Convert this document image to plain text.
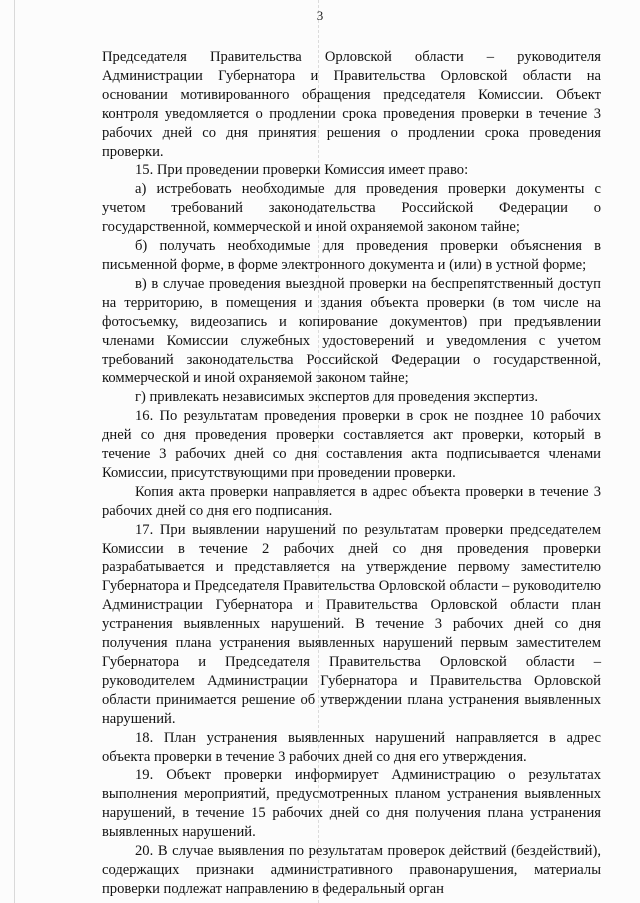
3

Председателя Правительства Орловской области – руководителя Администрации Губернатора и Правительства Орловской области на основании мотивированного обращения председателя Комиссии. Объект контроля уведомляется о продлении срока проведения проверки в течение 3 рабочих дней со дня принятия решения о продлении срока проведения проверки.

15. При проведении проверки Комиссия имеет право:

а) истребовать необходимые для проведения проверки документы с учетом требований законодательства Российской Федерации о государственной, коммерческой и иной охраняемой законом тайне;

б) получать необходимые для проведения проверки объяснения в письменной форме, в форме электронного документа и (или) в устной форме;

в) в случае проведения выездной проверки на беспрепятственный доступ на территорию, в помещения и здания объекта проверки (в том числе на фотосъемку, видеозапись и копирование документов) при предъявлении членами Комиссии служебных удостоверений и уведомления с учетом требований законодательства Российской Федерации о государственной, коммерческой и иной охраняемой законом тайне;

г) привлекать независимых экспертов для проведения экспертиз.

16. По результатам проведения проверки в срок не позднее 10 рабочих дней со дня проведения проверки составляется акт проверки, который в течение 3 рабочих дней со дня составления акта подписывается членами Комиссии, присутствующими при проведении проверки.

Копия акта проверки направляется в адрес объекта проверки в течение 3 рабочих дней со дня его подписания.

17. При выявлении нарушений по результатам проверки председателем Комиссии в течение 2 рабочих дней со дня проведения проверки разрабатывается и представляется на утверждение первому заместителю Губернатора и Председателя Правительства Орловской области – руководителю Администрации Губернатора и Правительства Орловской области план устранения выявленных нарушений. В течение 3 рабочих дней со дня получения плана устранения выявленных нарушений первым заместителем Губернатора и Председателя Правительства Орловской области – руководителем Администрации Губернатора и Правительства Орловской области принимается решение об утверждении плана устранения выявленных нарушений.

18. План устранения выявленных нарушений направляется в адрес объекта проверки в течение 3 рабочих дней со дня его утверждения.

19. Объект проверки информирует Администрацию о результатах выполнения мероприятий, предусмотренных планом устранения выявленных нарушений, в течение 15 рабочих дней со дня получения плана устранения выявленных нарушений.

20. В случае выявления по результатам проверок действий (бездействий), содержащих признаки административного правонарушения, материалы проверки подлежат направлению в федеральный орган
